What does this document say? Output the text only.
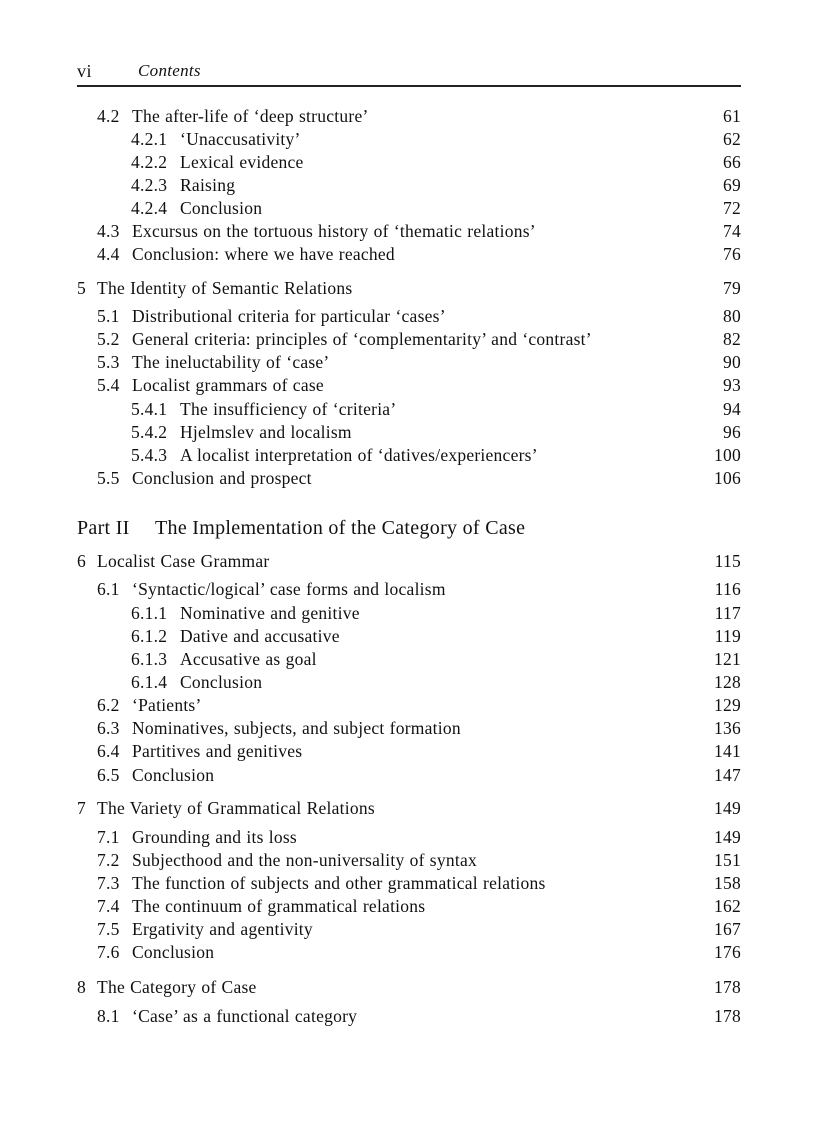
vi	Contents
4.2 The after-life of ‘deep structure’	61
4.2.1 ‘Unaccusativity’	62
4.2.2 Lexical evidence	66
4.2.3 Raising	69
4.2.4 Conclusion	72
4.3 Excursus on the tortuous history of ‘thematic relations’	74
4.4 Conclusion: where we have reached	76
5 The Identity of Semantic Relations	79
5.1 Distributional criteria for particular ‘cases’	80
5.2 General criteria: principles of ‘complementarity’ and ‘contrast’	82
5.3 The ineluctability of ‘case’	90
5.4 Localist grammars of case	93
5.4.1 The insufficiency of ‘criteria’	94
5.4.2 Hjelmslev and localism	96
5.4.3 A localist interpretation of ‘datives/experiencers’	100
5.5 Conclusion and prospect	106
Part II The Implementation of the Category of Case
6 Localist Case Grammar	115
6.1 ‘Syntactic/logical’ case forms and localism	116
6.1.1 Nominative and genitive	117
6.1.2 Dative and accusative	119
6.1.3 Accusative as goal	121
6.1.4 Conclusion	128
6.2 ‘Patients’	129
6.3 Nominatives, subjects, and subject formation	136
6.4 Partitives and genitives	141
6.5 Conclusion	147
7 The Variety of Grammatical Relations	149
7.1 Grounding and its loss	149
7.2 Subjecthood and the non-universality of syntax	151
7.3 The function of subjects and other grammatical relations	158
7.4 The continuum of grammatical relations	162
7.5 Ergativity and agentivity	167
7.6 Conclusion	176
8 The Category of Case	178
8.1 ‘Case’ as a functional category	178
